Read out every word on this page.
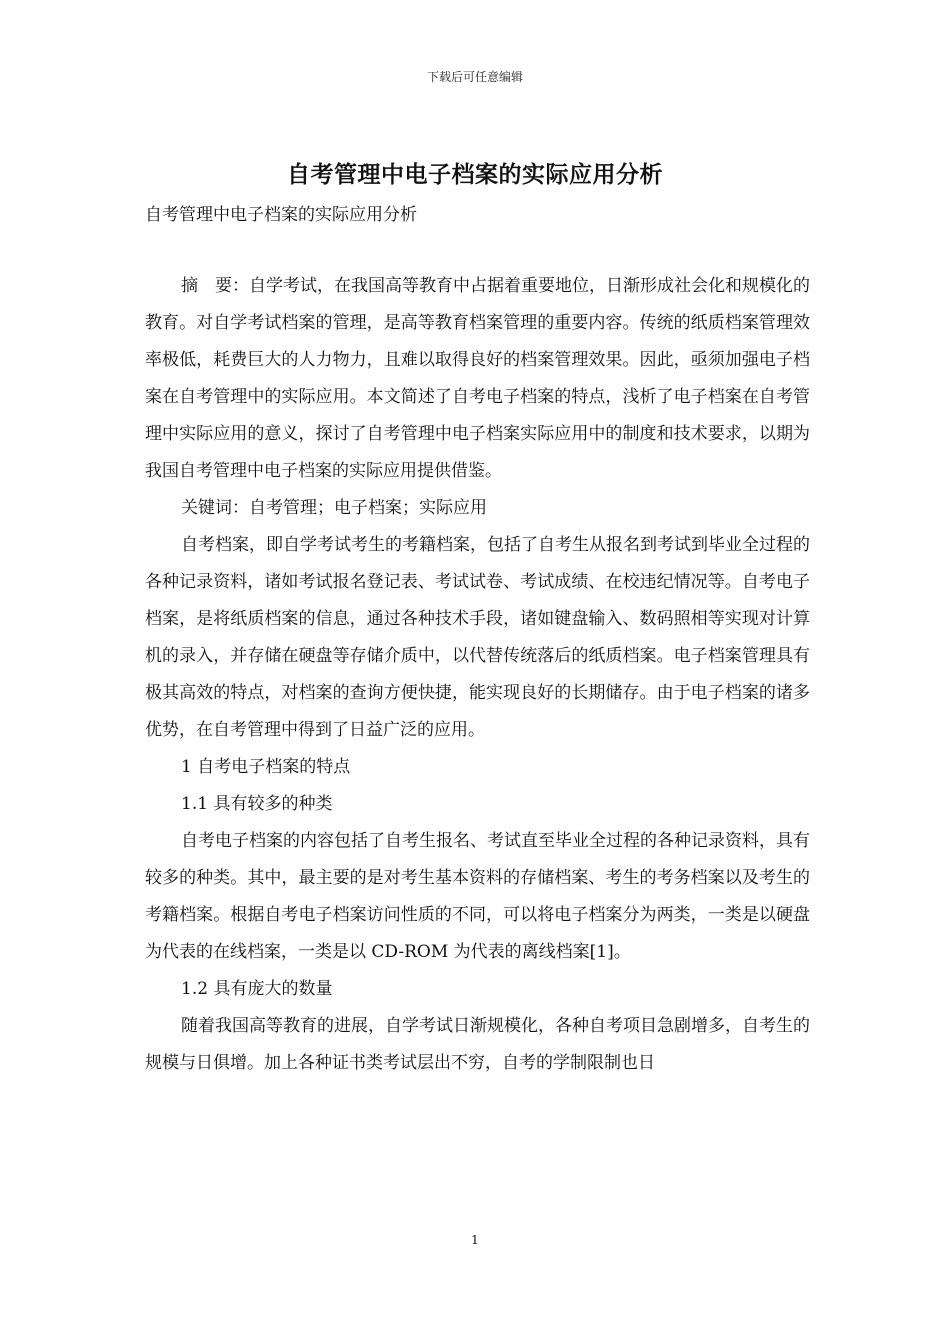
下载后可任意编辑
自考管理中电子档案的实际应用分析
自考管理中电子档案的实际应用分析

摘　要：自学考试，在我国高等教育中占据着重要地位，日渐形成社会化和规模化的教育。对自学考试档案的管理，是高等教育档案管理的重要内容。传统的纸质档案管理效率极低，耗费巨大的人力物力，且难以取得良好的档案管理效果。因此，亟须加强电子档案在自考管理中的实际应用。本文简述了自考电子档案的特点，浅析了电子档案在自考管理中实际应用的意义，探讨了自考管理中电子档案实际应用中的制度和技术要求，以期为我国自考管理中电子档案的实际应用提供借鉴。

关键词：自考管理；电子档案；实际应用

自考档案，即自学考试考生的考籍档案，包括了自考生从报名到考试到毕业全过程的各种记录资料，诸如考试报名登记表、考试试卷、考试成绩、在校违纪情况等。自考电子档案，是将纸质档案的信息，通过各种技术手段，诸如键盘输入、数码照相等实现对计算机的录入，并存储在硬盘等存储介质中，以代替传统落后的纸质档案。电子档案管理具有极其高效的特点，对档案的查询方便快捷，能实现良好的长期储存。由于电子档案的诸多优势，在自考管理中得到了日益广泛的应用。

1 自考电子档案的特点

1.1 具有较多的种类

自考电子档案的内容包括了自考生报名、考试直至毕业全过程的各种记录资料，具有较多的种类。其中，最主要的是对考生基本资料的存储档案、考生的考务档案以及考生的考籍档案。根据自考电子档案访问性质的不同，可以将电子档案分为两类，一类是以硬盘为代表的在线档案，一类是以 CD-ROM 为代表的离线档案[1]。

1.2 具有庞大的数量

随着我国高等教育的进展，自学考试日渐规模化，各种自考项目急剧增多，自考生的规模与日俱增。加上各种证书类考试层出不穷，自考的学制限制也日

1
